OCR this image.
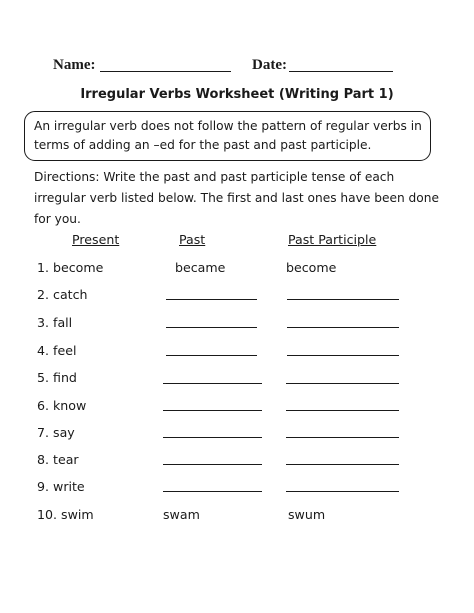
Name:	Date:
Irregular Verbs Worksheet (Writing Part 1)
An irregular verb does not follow the pattern of regular verbs in terms of adding an –ed for the past and past participle.
Directions: Write the past and past participle tense of each irregular verb listed below. The first and last ones have been done for you.
Present	Past	Past Participle
1. become	became	become
2. catch
3. fall
4. feel
5. find
6. know
7. say
8. tear
9. write
10. swim	swam	swum
